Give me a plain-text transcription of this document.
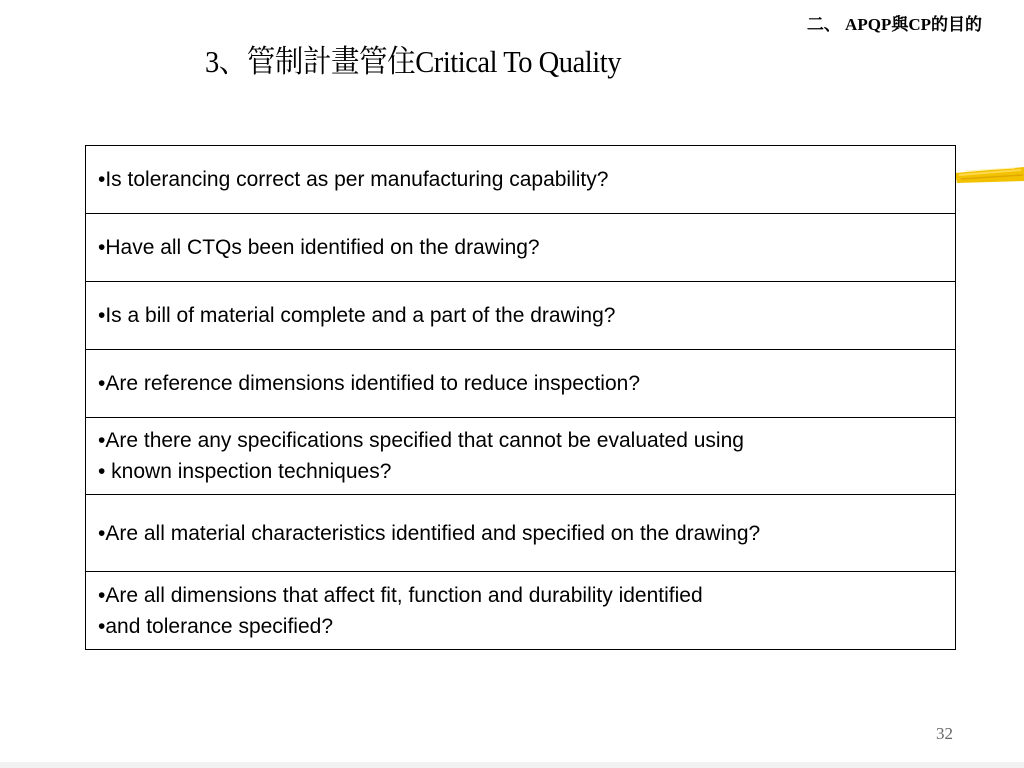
二、 APQP與CP的目的
3、管制計畫管住Critical To Quality
•Is tolerancing correct as per manufacturing capability?
•Have all CTQs been identified on the drawing?
•Is a bill of material complete and a part of the drawing?
•Are reference dimensions identified to reduce inspection?
•Are there any specifications specified that cannot be evaluated using
• known inspection techniques?
•Are all material characteristics identified and specified on the drawing?
•Are all dimensions that affect fit, function and durability identified
•and tolerance specified?
32
